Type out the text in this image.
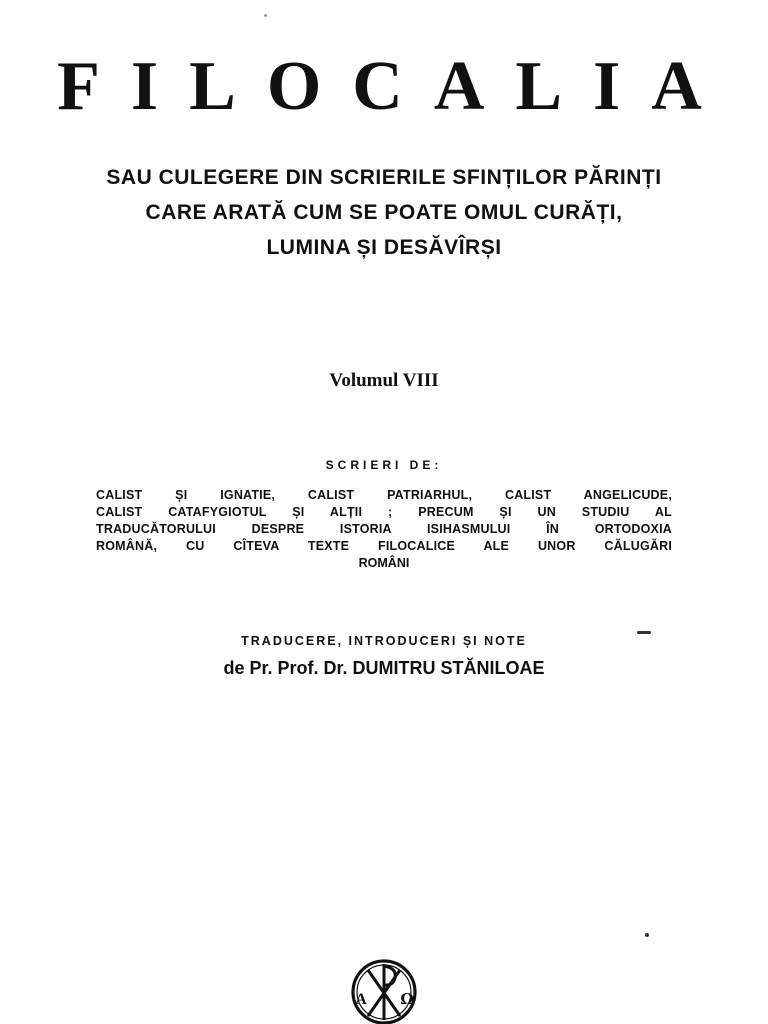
FILOCALIA
SAU CULEGERE DIN SCRIERILE SFINȚILOR PĂRINȚI
CARE ARATĂ CUM SE POATE OMUL CURĂȚI,
LUMINA ȘI DESĂVÎRȘI
Volumul VIII
SCRIERI DE:
CALIST ȘI IGNATIE, CALIST PATRIARHUL, CALIST ANGELICUDE,
CALIST CATAFYGIOTUL ȘI ALȚII ; PRECUM ȘI UN STUDIU AL
TRADUCĂTORULUI DESPRE ISTORIA ISIHASMULUI ÎN ORTODOXIA
ROMÂNĂ, CU CÎTEVA TEXTE FILOCALICE ALE UNOR CĂLUGĂRI
ROMÂNI
TRADUCERE, INTRODUCERI ȘI NOTE
de Pr. Prof. Dr. DUMITRU STĂNILOAE
A Ω
